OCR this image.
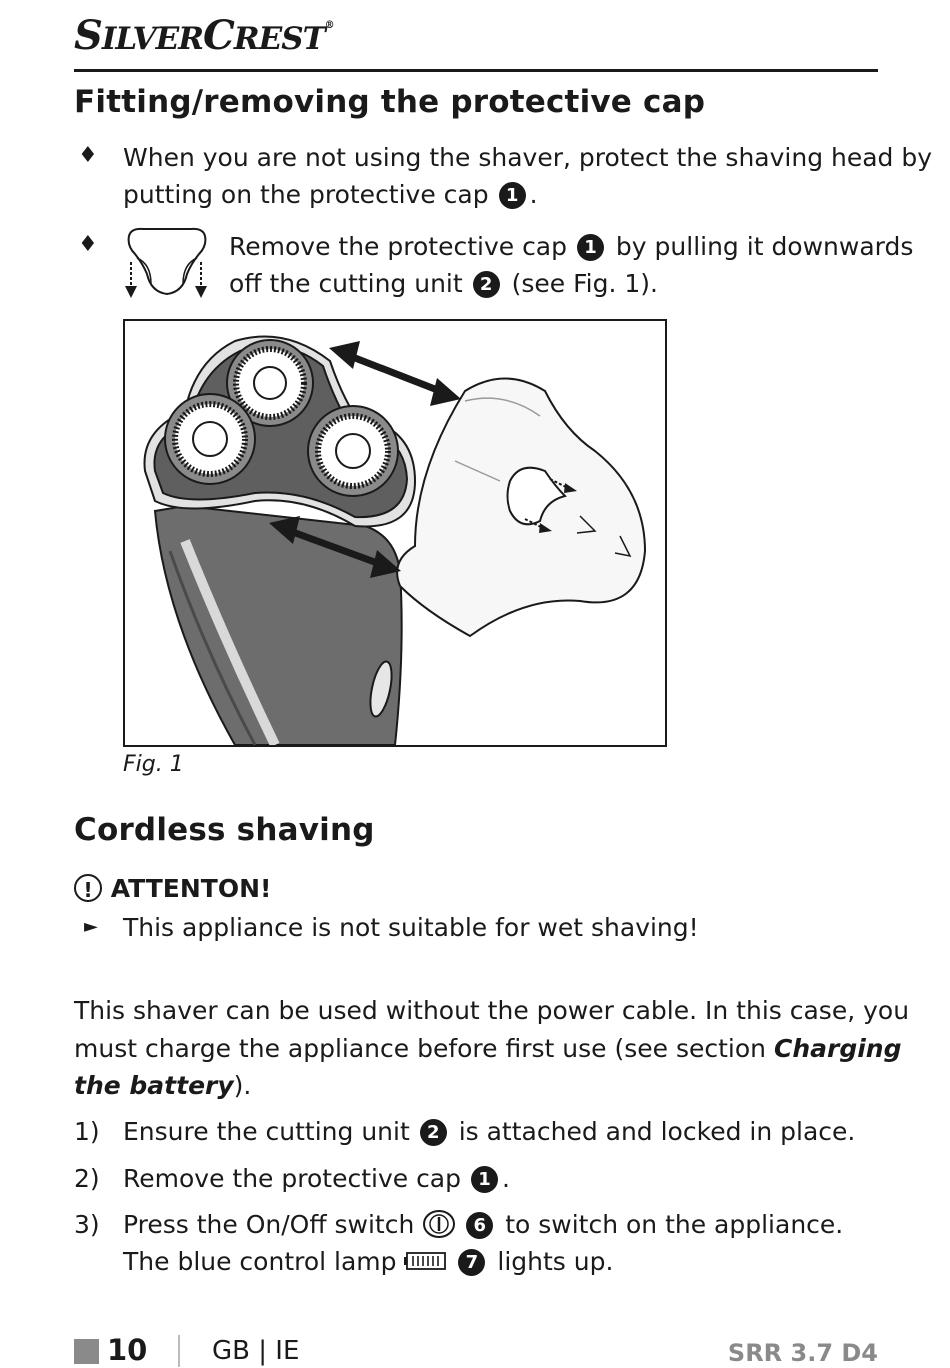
SILVERCREST®
Fitting/removing the protective cap
♦ When you are not using the shaver, protect the shaving head by
putting on the protective cap 1 .
♦	Remove the protective cap 1 by pulling it downwards
off the cutting unit 2 (see Fig. 1).
Fig. 1
Cordless shaving
! ATTENTON!
► This appliance is not suitable for wet shaving!
This shaver can be used without the power cable. In this case, you
must charge the appliance before first use (see section Charging
the battery).
1) Ensure the cutting unit 2 is attached and locked in place.
2) Remove the protective cap 1 .
3) Press the On/Off switch	6 to switch on the appliance.
The blue control lamp	7 lights up.
10 GB | IE	SRR 3.7 D4
